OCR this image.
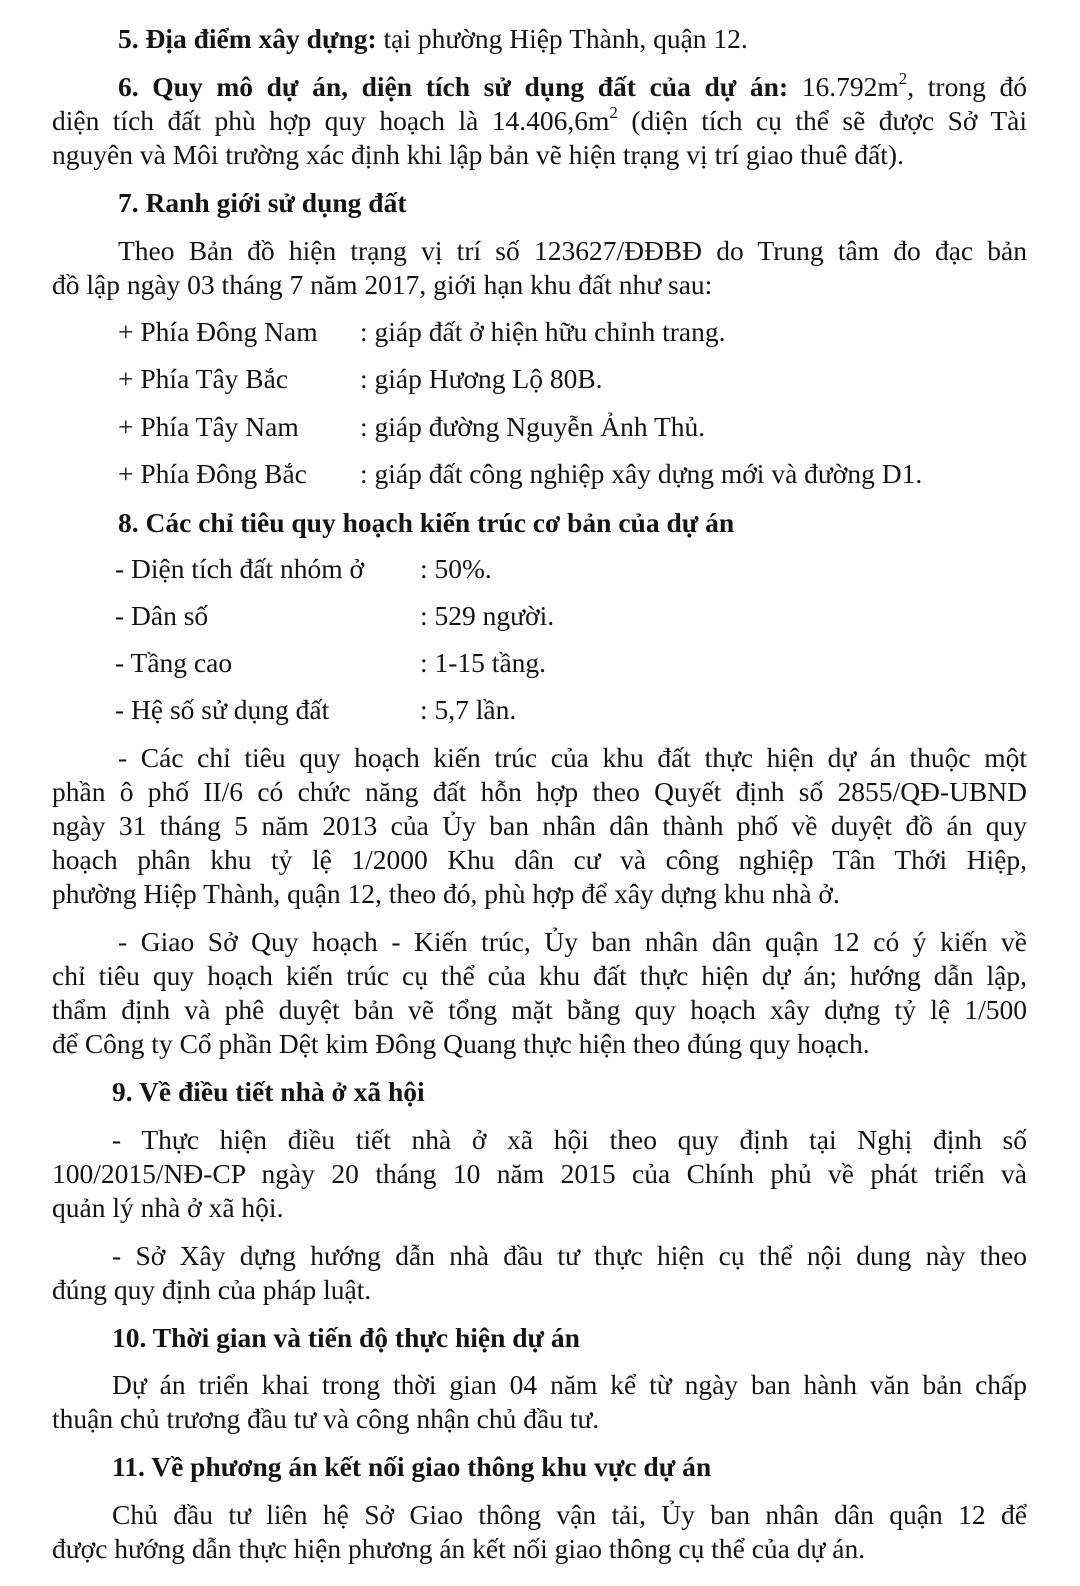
5. Địa điểm xây dựng: tại phường Hiệp Thành, quận 12.
6. Quy mô dự án, diện tích sử dụng đất của dự án: $16.792m^2$, trong đó
diện tích đất phù hợp quy hoạch là $14.406,6m^2$ (diện tích cụ thể sẽ được Sở Tài
nguyên và Môi trường xác định khi lập bản vẽ hiện trạng vị trí giao thuê đất).
7. Ranh giới sử dụng đất
Theo Bản đồ hiện trạng vị trí số 123627/ĐĐBĐ do Trung tâm đo đạc bản
đồ lập ngày 03 tháng 7 năm 2017, giới hạn khu đất như sau:
+ Phía Đông Nam : giáp đất ở hiện hữu chỉnh trang.
+ Phía Tây Bắc	: giáp Hương Lộ 80B.
+ Phía Tây Nam : giáp đường Nguyễn Ảnh Thủ.
+ Phía Đông Bắc : giáp đất công nghiệp xây dựng mới và đường D1.
8. Các chỉ tiêu quy hoạch kiến trúc cơ bản của dự án
- Diện tích đất nhóm ở : 50%.
- Dân số	: 529 người.
- Tầng cao	: 1-15 tầng.
- Hệ số sử dụng đất	: 5,7 lần.
- Các chỉ tiêu quy hoạch kiến trúc của khu đất thực hiện dự án thuộc một
phần ô phố II/6 có chức năng đất hỗn hợp theo Quyết định số 2855/QĐ-UBND
ngày 31 tháng 5 năm 2013 của Ủy ban nhân dân thành phố về duyệt đồ án quy
hoạch phân khu tỷ lệ 1/2000 Khu dân cư và công nghiệp Tân Thới Hiệp,
phường Hiệp Thành, quận 12, theo đó, phù hợp để xây dựng khu nhà ở.
- Giao Sở Quy hoạch - Kiến trúc, Ủy ban nhân dân quận 12 có ý kiến về
chỉ tiêu quy hoạch kiến trúc cụ thể của khu đất thực hiện dự án; hướng dẫn lập,
thẩm định và phê duyệt bản vẽ tổng mặt bằng quy hoạch xây dựng tỷ lệ 1/500
để Công ty Cổ phần Dệt kim Đông Quang thực hiện theo đúng quy hoạch.
9. Về điều tiết nhà ở xã hội
- Thực hiện điều tiết nhà ở xã hội theo quy định tại Nghị định số
100/2015/NĐ-CP ngày 20 tháng 10 năm 2015 của Chính phủ về phát triển và
quản lý nhà ở xã hội.
- Sở Xây dựng hướng dẫn nhà đầu tư thực hiện cụ thể nội dung này theo
đúng quy định của pháp luật.
10. Thời gian và tiến độ thực hiện dự án
Dự án triển khai trong thời gian 04 năm kể từ ngày ban hành văn bản chấp
thuận chủ trương đầu tư và công nhận chủ đầu tư.
11. Về phương án kết nối giao thông khu vực dự án
Chủ đầu tư liên hệ Sở Giao thông vận tải, Ủy ban nhân dân quận 12 để
được hướng dẫn thực hiện phương án kết nối giao thông cụ thể của dự án.
